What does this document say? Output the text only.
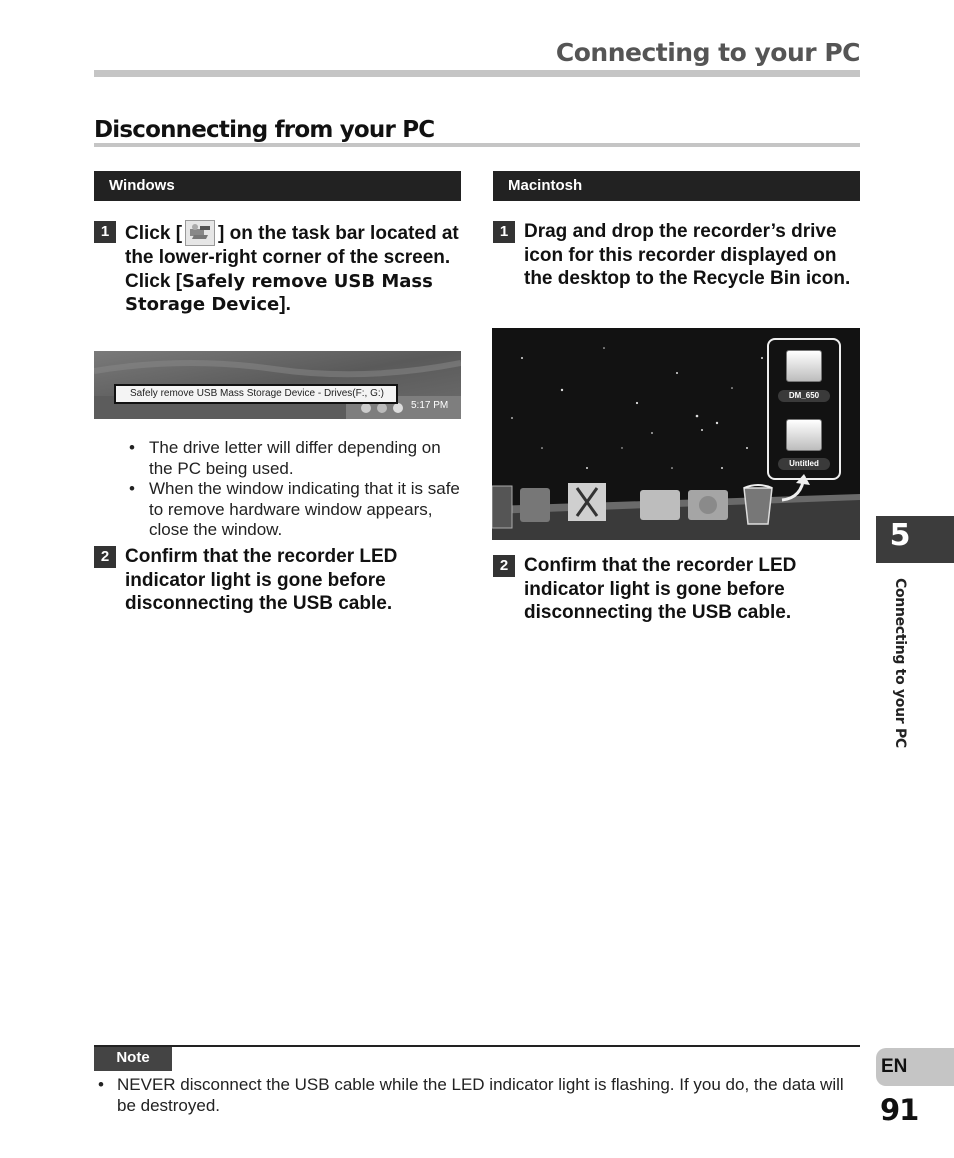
Connecting to your PC
Disconnecting from your PC
Windows
1 Click [ ] on the task bar located at the lower-right corner of the screen. Click [Safely remove USB Mass Storage Device].
5:17 PM
Safely remove USB Mass Storage Device - Drives(F:, G:)
• The drive letter will differ depending on the PC being used.
• When the window indicating that it is safe to remove hardware window appears, close the window.
2 Confirm that the recorder LED indicator light is gone before disconnecting the USB cable.
Macintosh
1 Drag and drop the recorder’s drive icon for this recorder displayed on the desktop to the Recycle Bin icon.
DM_650
Untitled
2 Confirm that the recorder LED indicator light is gone before disconnecting the USB cable.
5
Connecting to your PC
Note
• NEVER disconnect the USB cable while the LED indicator light is flashing. If you do, the data will be destroyed.
EN
91
